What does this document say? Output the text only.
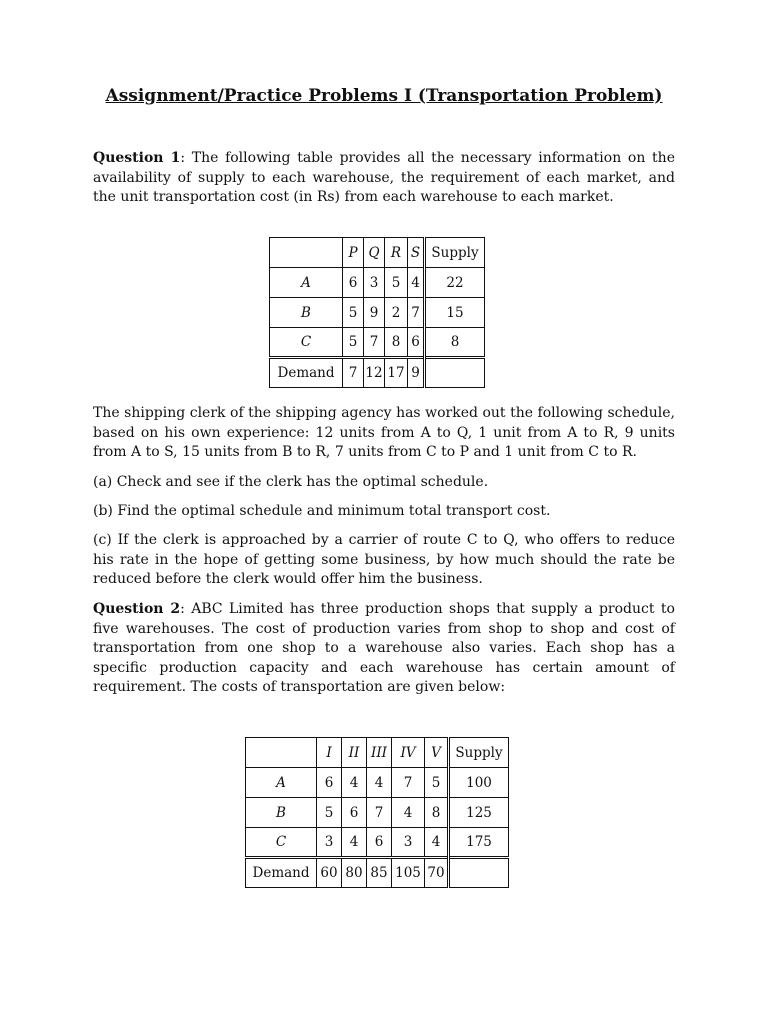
Assignment/Practice Problems I (Transportation Problem)
Question 1: The following table provides all the necessary information on the availability of supply to each warehouse, the requirement of each market, and the unit transportation cost (in Rs) from each warehouse to each market.
	P	Q	R	S	Supply
A	6	3	5	4	22
B	5	9	2	7	15
C	5	7	8	6	8
Demand	7	12	17	9	
The shipping clerk of the shipping agency has worked out the following schedule, based on his own experience: 12 units from A to Q, 1 unit from A to R, 9 units from A to S, 15 units from B to R, 7 units from C to P and 1 unit from C to R.
(a) Check and see if the clerk has the optimal schedule.
(b) Find the optimal schedule and minimum total transport cost.
(c) If the clerk is approached by a carrier of route C to Q, who offers to reduce his rate in the hope of getting some business, by how much should the rate be reduced before the clerk would offer him the business.
Question 2: ABC Limited has three production shops that supply a product to five warehouses. The cost of production varies from shop to shop and cost of transportation from one shop to a warehouse also varies. Each shop has a specific production capacity and each warehouse has certain amount of requirement. The costs of transportation are given below:
	I	II	III	IV	V	Supply
A	6	4	4	7	5	100
B	5	6	7	4	8	125
C	3	4	6	3	4	175
Demand	60	80	85	105	70	
